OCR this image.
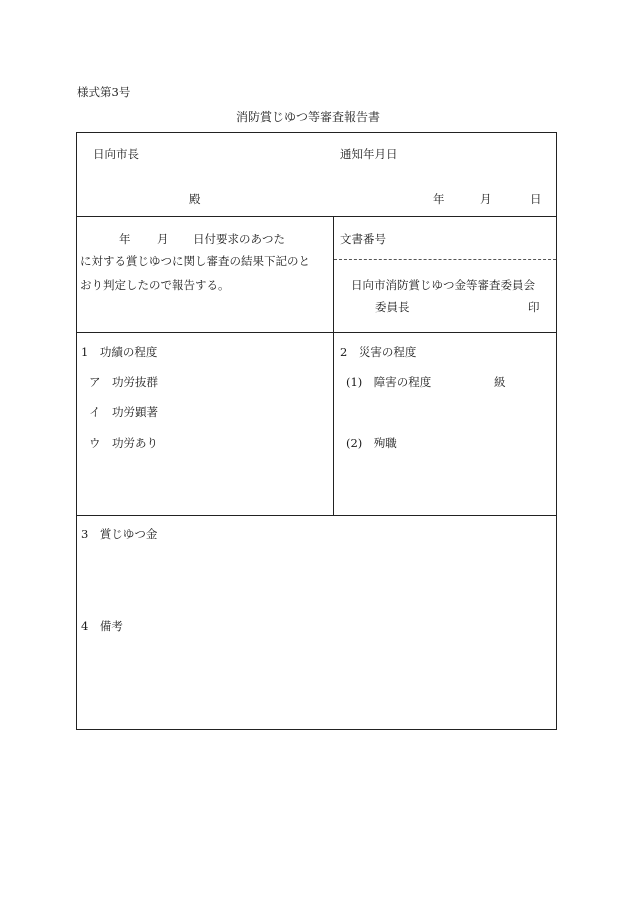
様式第3号
消防賞じゆつ等審査報告書
日向市長	通知年月日
殿	年	月	日
年 月 日付要求のあつた
に対する賞じゆつに関し審査の結果下記のと
おり判定したので報告する。
文書番号
日向市消防賞じゆつ金等審査委員会
委員長	印
1　功績の程度
ア　功労抜群
イ　功労顕著
ウ　功労あり
2　災害の程度
(1)　障害の程度	級
(2)　殉職
3　賞じゆつ金
4　備考
